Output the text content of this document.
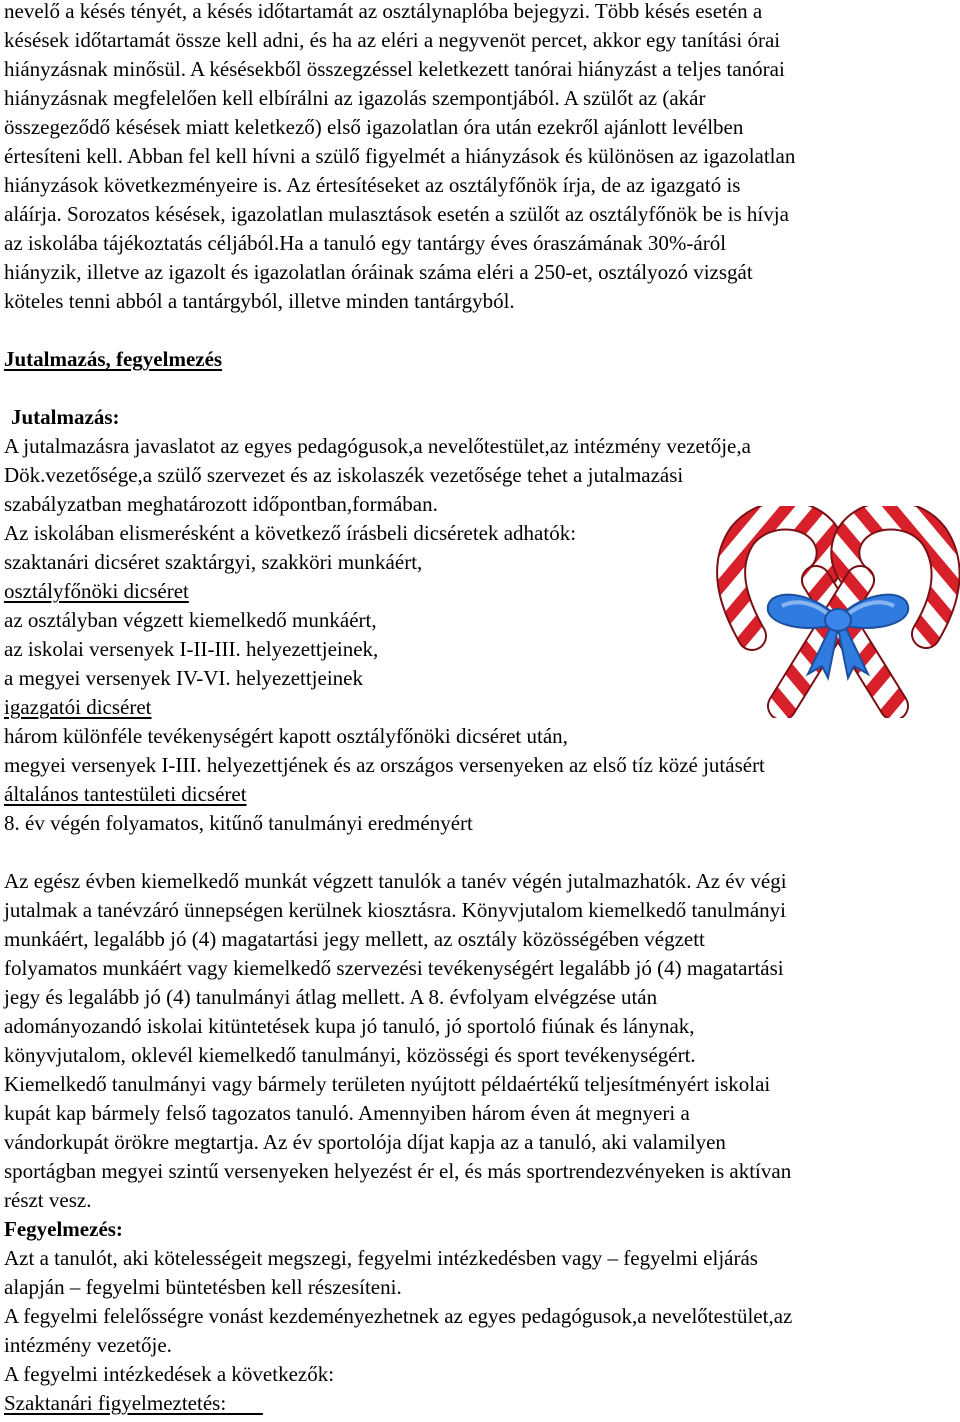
nevelő a késés tényét, a késés időtartamát az osztálynaplóba bejegyzi. Több késés esetén a
késések időtartamát össze kell adni, és ha az eléri a negyvenöt percet, akkor egy tanítási órai
hiányzásnak minősül. A késésekből összegzéssel keletkezett tanórai hiányzást a teljes tanórai
hiányzásnak megfelelően kell elbírálni az igazolás szempontjából. A szülőt az (akár
összegeződő késések miatt keletkező) első igazolatlan óra után ezekről ajánlott levélben
értesíteni kell. Abban fel kell hívni a szülő figyelmét a hiányzások és különösen az igazolatlan
hiányzások következményeire is. Az értesítéseket az osztályfőnök írja, de az igazgató is
aláírja. Sorozatos késések, igazolatlan mulasztások esetén a szülőt az osztályfőnök be is hívja
az iskolába tájékoztatás céljából.Ha a tanuló egy tantárgy éves óraszámának 30%-áról
hiányzik, illetve az igazolt és igazolatlan óráinak száma eléri a 250-et, osztályozó vizsgát
köteles tenni abból a tantárgyból, illetve minden tantárgyból.
Jutalmazás, fegyelmezés
Jutalmazás:
A jutalmazásra javaslatot az egyes pedagógusok,a nevelőtestület,az intézmény vezetője,a
Dök.vezetősége,a szülő szervezet és az iskolaszék vezetősége tehet a jutalmazási
szabályzatban meghatározott időpontban,formában.
Az iskolában elismerésként a következő írásbeli dicséretek adhatók:
szaktanári dicséret szaktárgyi, szakköri munkáért,
osztályfőnöki dicséret
az osztályban végzett kiemelkedő munkáért,
az iskolai versenyek I-II-III. helyezettjeinek,
a megyei versenyek IV-VI. helyezettjeinek
igazgatói dicséret
három különféle tevékenységért kapott osztályfőnöki dicséret után,
megyei versenyek I-III. helyezettjének és az országos versenyeken az első tíz közé jutásért
általános tantestületi dicséret
8. év végén folyamatos, kitűnő tanulmányi eredményért
Az egész évben kiemelkedő munkát végzett tanulók a tanév végén jutalmazhatók. Az év végi
jutalmak a tanévzáró ünnepségen kerülnek kiosztásra. Könyvjutalom kiemelkedő tanulmányi
munkáért, legalább jó (4) magatartási jegy mellett, az osztály közösségében végzett
folyamatos munkáért vagy kiemelkedő szervezési tevékenységért legalább jó (4) magatartási
jegy és legalább jó (4) tanulmányi átlag mellett. A 8. évfolyam elvégzése után
adományozandó iskolai kitüntetések kupa jó tanuló, jó sportoló fiúnak és lánynak,
könyvjutalom, oklevél kiemelkedő tanulmányi, közösségi és sport tevékenységért.
Kiemelkedő tanulmányi vagy bármely területen nyújtott példaértékű teljesítményért iskolai
kupát kap bármely felső tagozatos tanuló. Amennyiben három éven át megnyeri a
vándorkupát örökre megtartja. Az év sportolója díjat kapja az a tanuló, aki valamilyen
sportágban megyei szintű versenyeken helyezést ér el, és más sportrendezvényeken is aktívan
részt vesz.
Fegyelmezés:
Azt a tanulót, aki kötelességeit megszegi, fegyelmi intézkedésben vagy – fegyelmi eljárás
alapján – fegyelmi büntetésben kell részesíteni.
A fegyelmi felelősségre vonást kezdeményezhetnek az egyes pedagógusok,a nevelőtestület,az
intézmény vezetője.
A fegyelmi intézkedések a következők:
Szaktanári figyelmeztetés:
